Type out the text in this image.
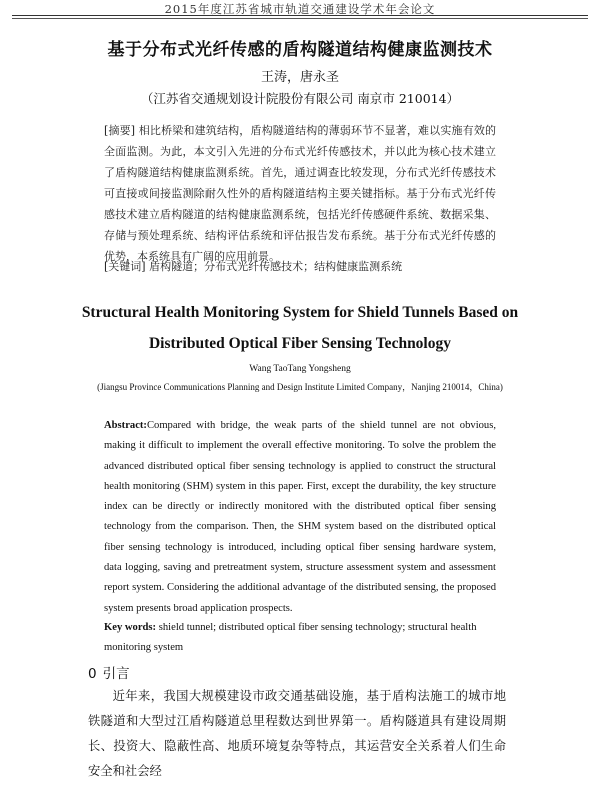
2015年度江苏省城市轨道交通建设学术年会论文
基于分布式光纤传感的盾构隧道结构健康监测技术
王涛，唐永圣
（江苏省交通规划设计院股份有限公司 南京市 210014）
[摘要] 相比桥梁和建筑结构，盾构隧道结构的薄弱环节不显著，难以实施有效的全面监测。为此，本文引入先进的分布式光纤传感技术，并以此为核心技术建立了盾构隧道结构健康监测系统。首先，通过调查比较发现，分布式光纤传感技术可直接或间接监测除耐久性外的盾构隧道结构主要关键指标。基于分布式光纤传感技术建立盾构隧道的结构健康监测系统，包括光纤传感硬件系统、数据采集、存储与预处理系统、结构评估系统和评估报告发布系统。基于分布式光纤传感的优势，本系统具有广阔的应用前景。
[关键词] 盾构隧道；分布式光纤传感技术；结构健康监测系统
Structural Health Monitoring System for Shield Tunnels Based on Distributed Optical Fiber Sensing Technology
Wang TaoTang Yongsheng
(Jiangsu Province Communications Planning and Design Institute Limited Company，Nanjing 210014，China)
Abstract:Compared with bridge, the weak parts of the shield tunnel are not obvious, making it difficult to implement the overall effective monitoring. To solve the problem the advanced distributed optical fiber sensing technology is applied to construct the structural health monitoring (SHM) system in this paper. First, except the durability, the key structure index can be directly or indirectly monitored with the distributed optical fiber sensing technology from the comparison. Then, the SHM system based on the distributed optical fiber sensing technology is introduced, including optical fiber sensing hardware system, data logging, saving and pretreatment system, structure assessment system and assessment report system. Considering the additional advantage of the distributed sensing, the proposed system presents broad application prospects.
Key words: shield tunnel; distributed optical fiber sensing technology; structural health monitoring system
0 引言
近年来，我国大规模建设市政交通基础设施，基于盾构法施工的城市地铁隧道和大型过江盾构隧道总里程数达到世界第一。盾构隧道具有建设周期长、投资大、隐蔽性高、地质环境复杂等特点，其运营安全关系着人们生命安全和社会经
